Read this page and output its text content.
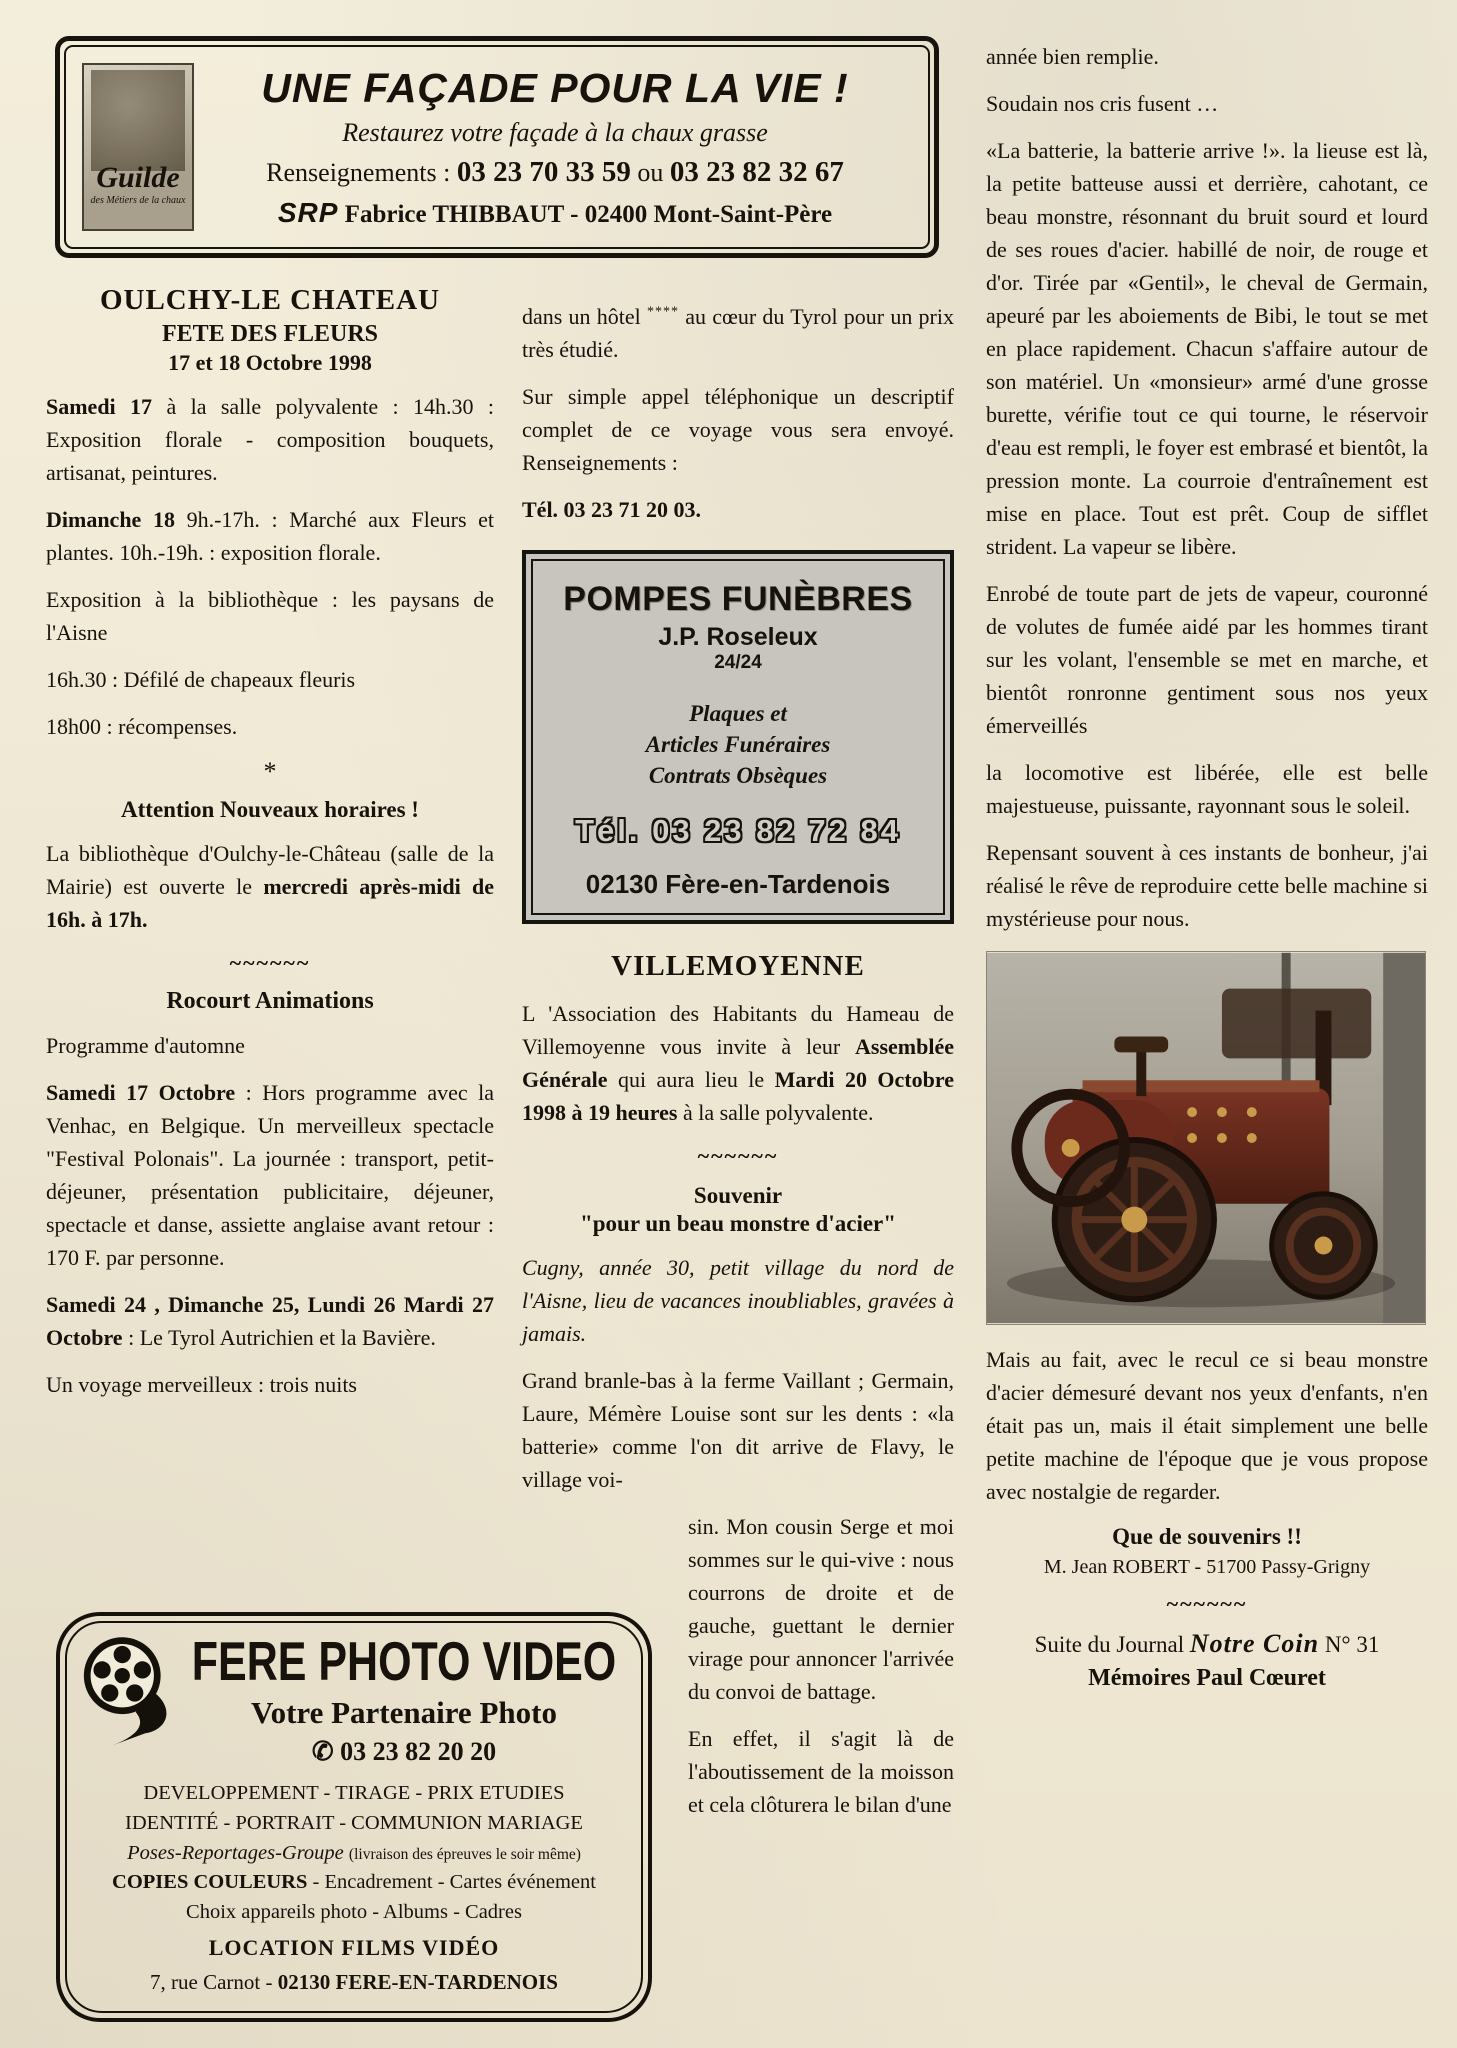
Guilde
des Métiers de la chaux
UNE FAÇADE POUR LA VIE !
Restaurez votre façade à la chaux grasse
Renseignements : 03 23 70 33 59 ou 03 23 82 32 67
SRP Fabrice THIBBAUT - 02400 Mont-Saint-Père
OULCHY-LE CHATEAU
FETE DES FLEURS
17 et 18 Octobre 1998

Samedi 17 à la salle polyvalente : 14h.30 : Exposition florale - composition bouquets, artisanat, peintures.

Dimanche 18 9h.-17h. : Marché aux Fleurs et plantes. 10h.-19h. : exposition florale.

Exposition à la bibliothèque : les paysans de l'Aisne

16h.30 : Défilé de chapeaux fleuris

18h00 : récompenses.

*
Attention Nouveaux horaires !

La bibliothèque d'Oulchy-le-Château (salle de la Mairie) est ouverte le mercredi après-midi de 16h. à 17h.

~~~~~~
Rocourt Animations

Programme d'automne

Samedi 17 Octobre : Hors programme avec la Venhac, en Belgique. Un merveilleux spectacle "Festival Polonais". La journée : transport, petit-déjeuner, présentation publicitaire, déjeuner, spectacle et danse, assiette anglaise avant retour : 170 F. par personne.

Samedi 24 , Dimanche 25, Lundi 26 Mardi 27 Octobre : Le Tyrol Autrichien et la Bavière.

Un voyage merveilleux : trois nuits

dans un hôtel **** au cœur du Tyrol pour un prix très étudié.

Sur simple appel téléphonique un descriptif complet de ce voyage vous sera envoyé. Renseignements :

Tél. 03 23 71 20 03.

POMPES FUNÈBRES
J.P. Roseleux
24/24
Plaques et
Articles Funéraires
Contrats Obsèques
Tél. 03 23 82 72 84
02130 Fère-en-Tardenois
VILLEMOYENNE

L 'Association des Habitants du Hameau de Villemoyenne vous invite à leur Assemblée Générale qui aura lieu le Mardi 20 Octobre 1998 à 19 heures à la salle polyvalente.

~~~~~~
Souvenir
"pour un beau monstre d'acier"

Cugny, année 30, petit village du nord de l'Aisne, lieu de vacances inoubliables, gravées à jamais.

Grand branle-bas à la ferme Vaillant ; Germain, Laure, Mémère Louise sont sur les dents : «la batterie» comme l'on dit arrive de Flavy, le village voi-

sin. Mon cousin Serge et moi sommes sur le qui-vive : nous courrons de droite et de gauche, guettant le dernier virage pour annoncer l'arrivée du convoi de battage.

En effet, il s'agit là de l'aboutissement de la moisson et cela clôturera le bilan d'une

année bien remplie.

Soudain nos cris fusent …

«La batterie, la batterie arrive !». la lieuse est là, la petite batteuse aussi et derrière, cahotant, ce beau monstre, résonnant du bruit sourd et lourd de ses roues d'acier. habillé de noir, de rouge et d'or. Tirée par «Gentil», le cheval de Germain, apeuré par les aboiements de Bibi, le tout se met en place rapidement. Chacun s'affaire autour de son matériel. Un «monsieur» armé d'une grosse burette, vérifie tout ce qui tourne, le réservoir d'eau est rempli, le foyer est embrasé et bientôt, la pression monte. La courroie d'entraînement est mise en place. Tout est prêt. Coup de sifflet strident. La vapeur se libère.

Enrobé de toute part de jets de vapeur, couronné de volutes de fumée aidé par les hommes tirant sur les volant, l'ensemble se met en marche, et bientôt ronronne gentiment sous nos yeux émerveillés

la locomotive est libérée, elle est belle majestueuse, puissante, rayonnant sous le soleil.

Repensant souvent à ces instants de bonheur, j'ai réalisé le rêve de reproduire cette belle machine si mystérieuse pour nous.

Mais au fait, avec le recul ce si beau monstre d'acier démesuré devant nos yeux d'enfants, n'en était pas un, mais il était simplement une belle petite machine de l'époque que je vous propose avec nostalgie de regarder.

Que de souvenirs !!
M. Jean ROBERT - 51700 Passy-Grigny
~~~~~~
Suite du Journal Notre Coin N° 31
Mémoires Paul Cœuret
FERE PHOTO VIDEO
Votre Partenaire Photo
✆ 03 23 82 20 20
DEVELOPPEMENT - TIRAGE - PRIX ETUDIES
IDENTITÉ - PORTRAIT - COMMUNION MARIAGE
Poses-Reportages-Groupe (livraison des épreuves le soir même)
COPIES COULEURS - Encadrement - Cartes événement
Choix appareils photo - Albums - Cadres
LOCATION FILMS VIDÉO
7, rue Carnot - 02130 FERE-EN-TARDENOIS
